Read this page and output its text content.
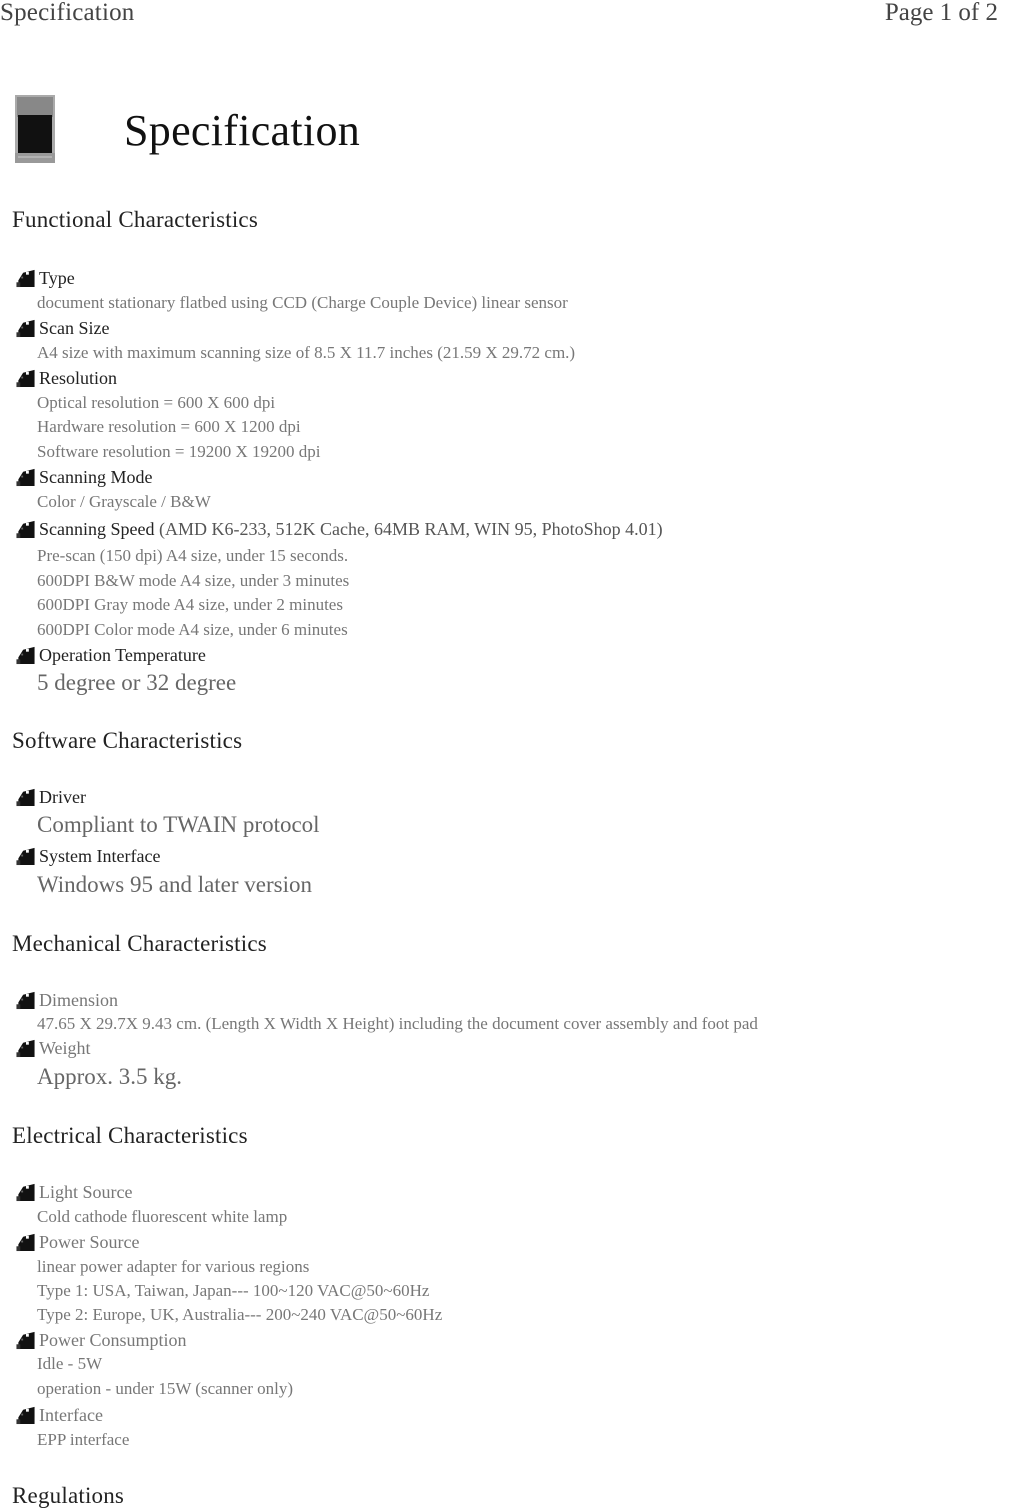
Specification	Page 1 of 2
Specification
Functional Characteristics
Type
document stationary flatbed using CCD (Charge Couple Device) linear sensor
Scan Size
A4 size with maximum scanning size of 8.5 X 11.7 inches (21.59 X 29.72 cm.)
Resolution
Optical resolution = 600 X 600 dpi
Hardware resolution = 600 X 1200 dpi
Software resolution = 19200 X 19200 dpi
Scanning Mode
Color / Grayscale / B&W
Scanning Speed (AMD K6-233, 512K Cache, 64MB RAM, WIN 95, PhotoShop 4.01)
Pre-scan (150 dpi) A4 size, under 15 seconds.
600DPI B&W mode A4 size, under 3 minutes
600DPI Gray mode A4 size, under 2 minutes
600DPI Color mode A4 size, under 6 minutes
Operation Temperature
5 degree or 32 degree
Software Characteristics
Driver
Compliant to TWAIN protocol
System Interface
Windows 95 and later version
Mechanical Characteristics
Dimension
47.65 X 29.7X 9.43 cm. (Length X Width X Height) including the document cover assembly and foot pad
Weight
Approx. 3.5 kg.
Electrical Characteristics
Light Source
Cold cathode fluorescent white lamp
Power Source
linear power adapter for various regions
Type 1: USA, Taiwan, Japan--- 100~120 VAC@50~60Hz
Type 2: Europe, UK, Australia--- 200~240 VAC@50~60Hz
Power Consumption
Idle - 5W
operation - under 15W (scanner only)
Interface
EPP interface
Regulations
